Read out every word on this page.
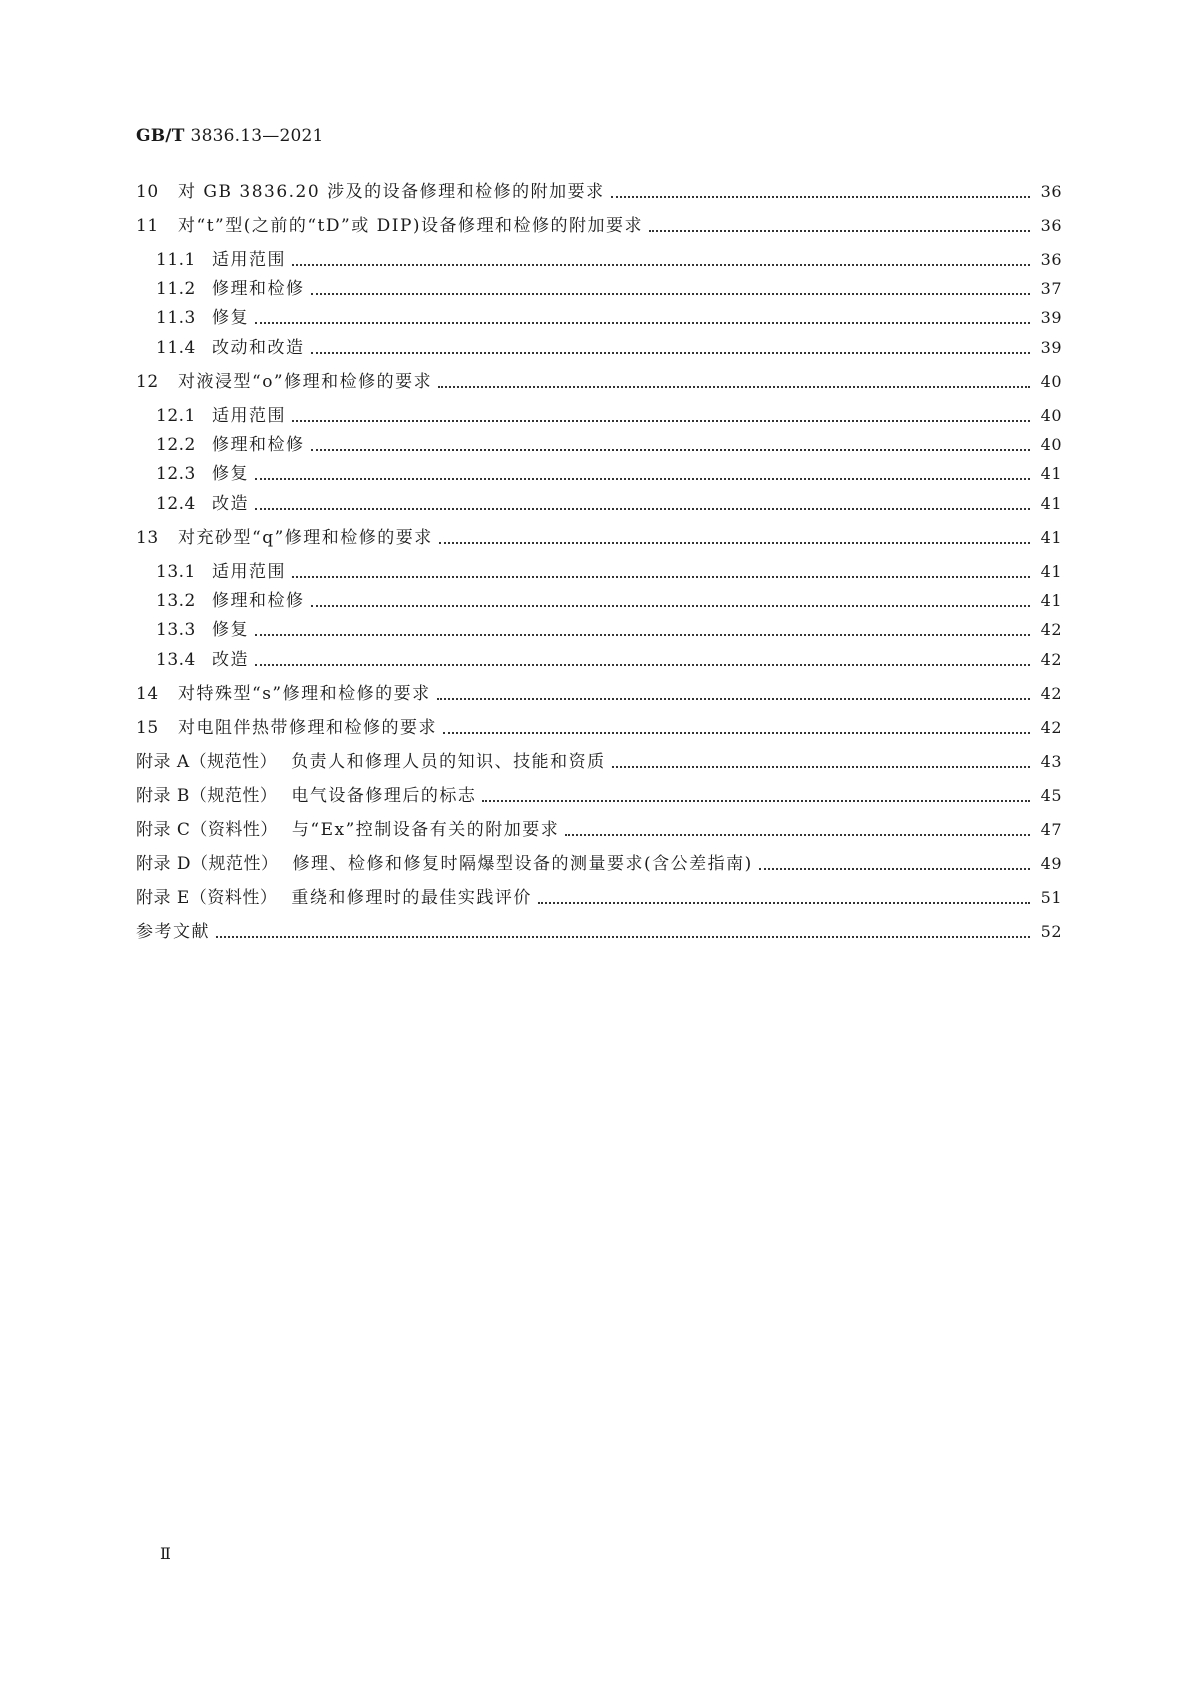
GB/T 3836.13—2021
10 对 GB 3836.20 涉及的设备修理和检修的附加要求	36
11 对“t”型(之前的“tD”或 DIP)设备修理和检修的附加要求	36
11.1 适用范围	36
11.2 修理和检修	37
11.3 修复	39
11.4 改动和改造	39
12 对液浸型“o”修理和检修的要求	40
12.1 适用范围	40
12.2 修理和检修	40
12.3 修复	41
12.4 改造	41
13 对充砂型“q”修理和检修的要求	41
13.1 适用范围	41
13.2 修理和检修	41
13.3 修复	42
13.4 改造	42
14 对特殊型“s”修理和检修的要求	42
15 对电阻伴热带修理和检修的要求	42
附录 A（规范性） 负责人和修理人员的知识、技能和资质	43
附录 B（规范性） 电气设备修理后的标志	45
附录 C（资料性） 与“Ex”控制设备有关的附加要求	47
附录 D（规范性） 修理、检修和修复时隔爆型设备的测量要求(含公差指南)	49
附录 E（资料性） 重绕和修理时的最佳实践评价	51
参考文献	52
Ⅱ
